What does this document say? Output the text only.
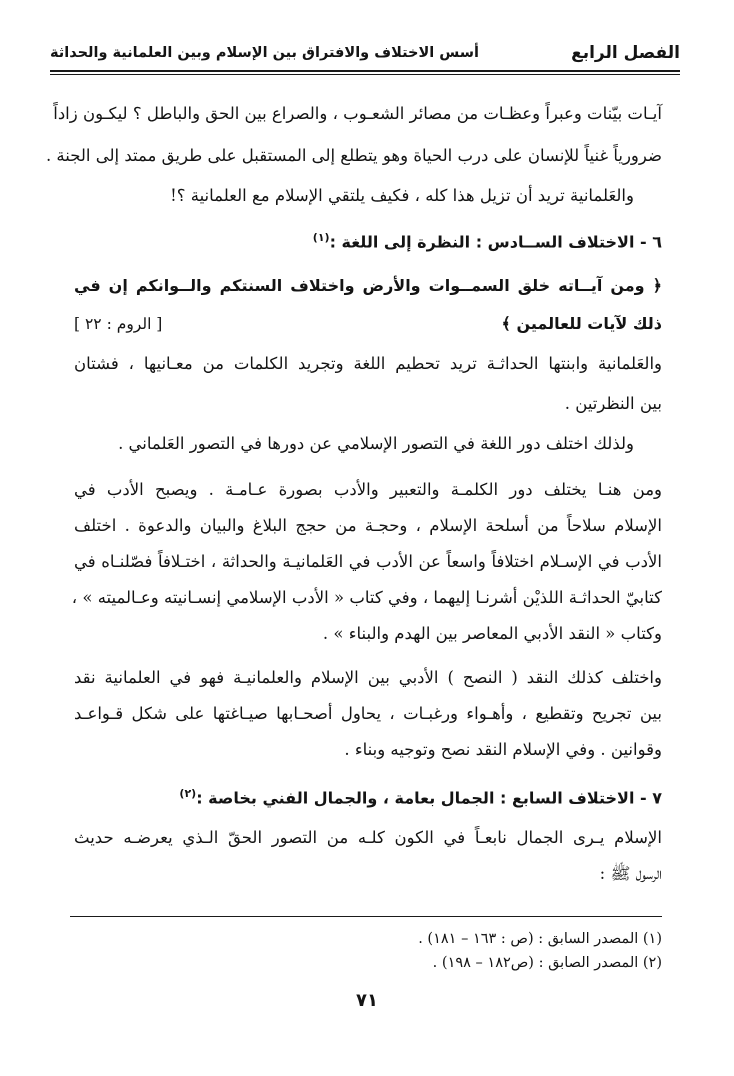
الفصل الرابع
أسس الاختلاف والافتراق بين الإسلام وبين العلمانية والحداثة
آيـات بيّنات وعبراً وعظـات من مصائر الشعـوب ، والصراع بين الحق والباطل ؟ ليكـون زاداً
ضرورياً غنياً للإنسان على درب الحياة وهو يتطلع إلى المستقبل على طريق ممتد إلى الجنة .
والعَلمانية تريد أن تزيل هذا كله ، فكيف يلتقي الإسلام مع العلمانية ؟!
٦ - الاختلاف الســادس : النظرة إلى اللغة :$^{(١)}$
﴿ ومن آيــاته خلق السمــوات والأرض واختلاف السنتكم والــوانكم إن في
ذلك لآيات للعالمين ﴾
[ الروم : ٢٢ ]
والعَلمانية وابنتها الحداثـة تريد تحطيم اللغة وتجريد الكلمات من معـانيها ، فشتان
بين النظرتين .
ولذلك اختلف دور اللغة في التصور الإسلامي عن دورها في التصور العَلماني .
ومن هنـا يختلف دور الكلمـة والتعبير والأدب بصورة عـامـة . ويصبح الأدب في
الإسلام سلاحاً من أسلحة الإسلام ، وحجـة من حجج البلاغ والبيان والدعوة . اختلف
الأدب في الإسـلام اختلافاً واسعاً عن الأدب في العَلمانيـة والحداثة ، اختـلافاً فصّلنـاه في
كتابيّ الحداثـة اللذيْن أشرنـا إليهما ، وفي كتاب « الأدب الإسلامي إنسـانيته وعـالميته » ،
وكتاب « النقد الأدبي المعاصر بين الهدم والبناء » .
واختلف كذلك النقد ( النصح ) الأدبي بين الإسلام والعلمانيـة فهو في العلمانية نقد
بين تجريح وتقطيع ، وأهـواء ورغبـات ، يحاول أصحـابها صيـاغتها على شكل قـواعـد
وقوانين . وفي الإسلام النقد نصح وتوجيه وبناء .
٧ - الاختلاف السابع : الجمال بعامة ، والجمال الفني بخاصة :$^{(٢)}$
الإسلام يـرى الجمال نابعـاً في الكون كلـه من التصور الحقّ الـذي يعرضـه حديث
الرسول ﷺ :
(١) المصدر السابق : (ص : ١٦٣ – ١٨١) .
(٢) المصدر الصابق : (ص١٨٢ – ١٩٨) .
٧١
